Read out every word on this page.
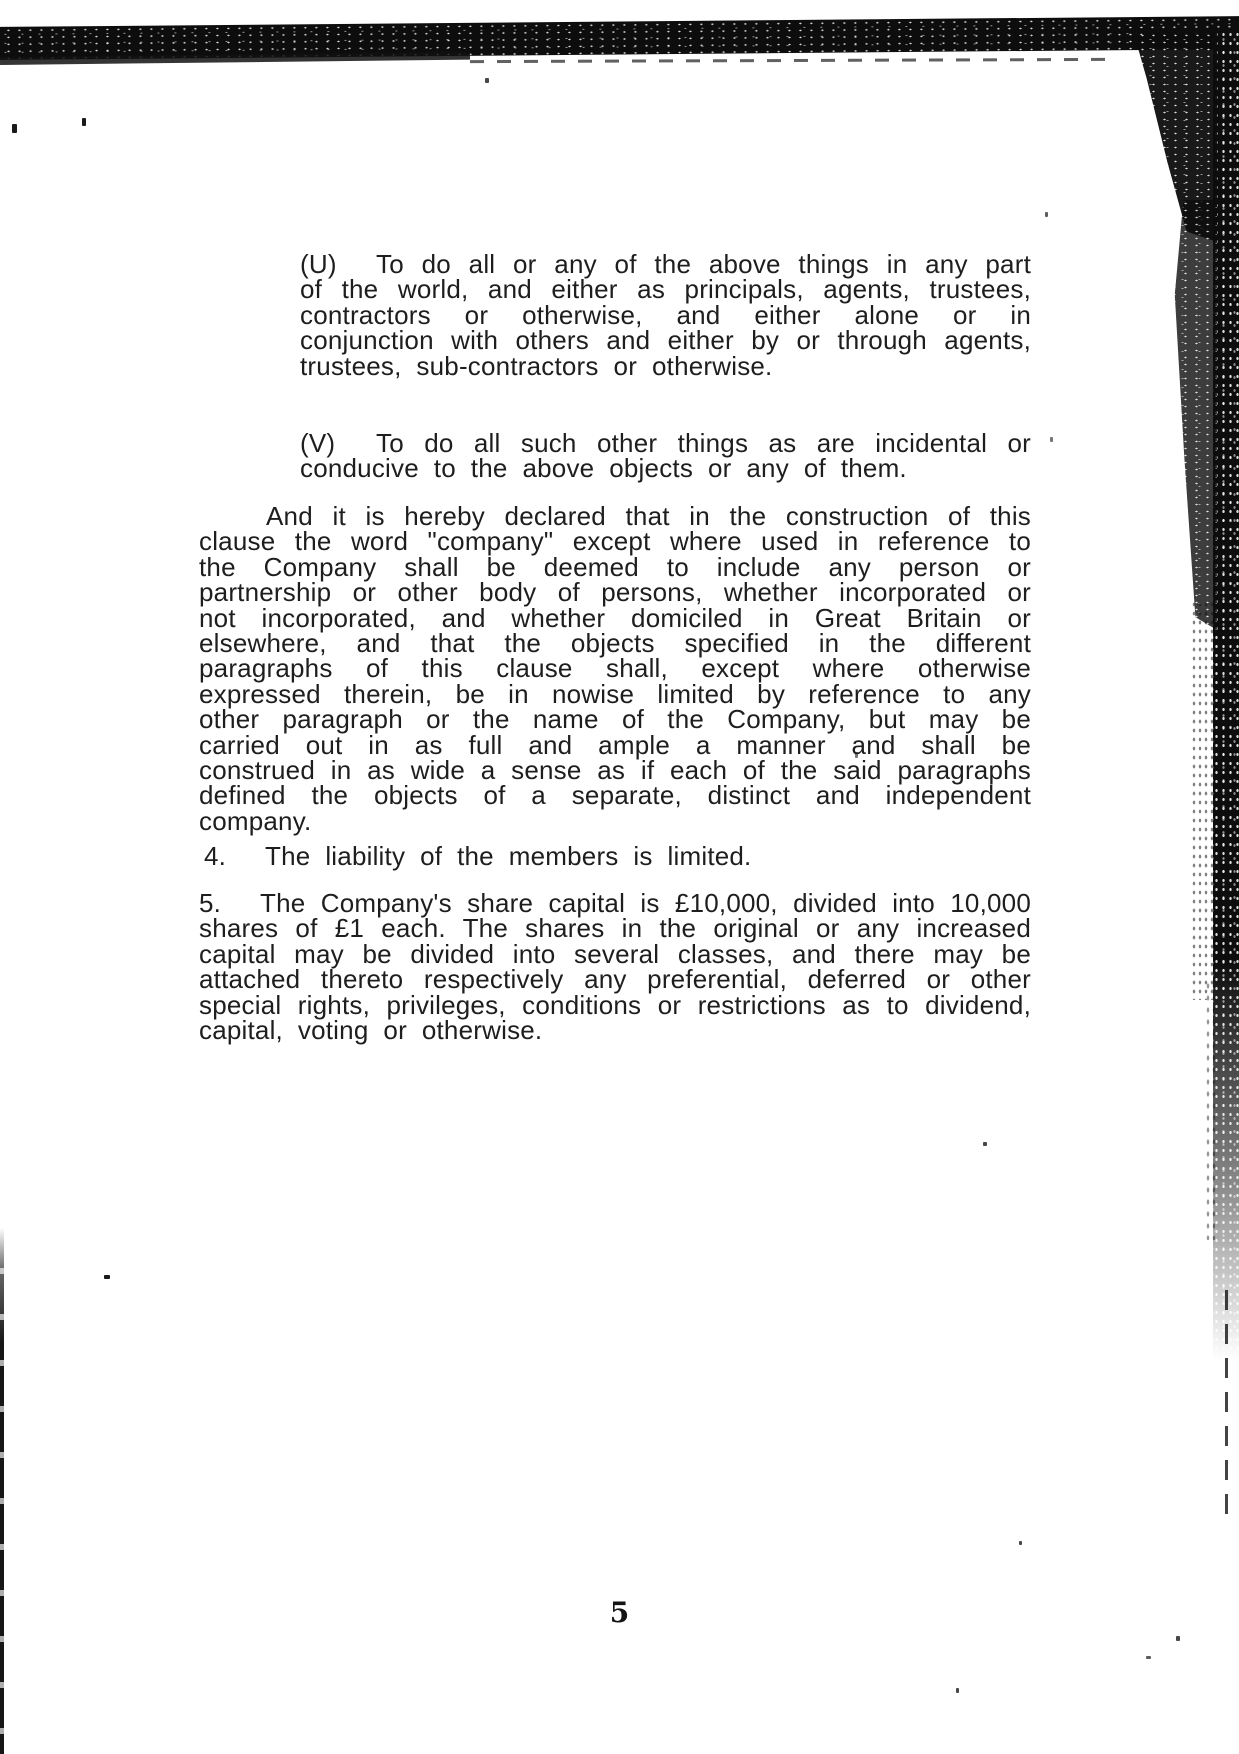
(U) To do all or any of the above things in any part of the world, and either as principals, agents, trustees, contractors or otherwise, and either alone or in conjunction with others and either by or through agents, trustees, sub-contractors or otherwise.

(V) To do all such other things as are incidental or conducive to the above objects or any of them.

And it is hereby declared that in the construction of this clause the word "company" except where used in reference to the Company shall be deemed to include any person or partnership or other body of persons, whether incorporated or not incorporated, and whether domiciled in Great Britain or elsewhere, and that the objects specified in the different paragraphs of this clause shall, except where otherwise expressed therein, be in nowise limited by reference to any other paragraph or the name of the Company, but may be carried out in as full and ample a manner and shall be construed in as wide a sense as if each of the said paragraphs defined the objects of a separate, distinct and independent company.

4. The liability of the members is limited.

5. The Company's share capital is £10,000, divided into 10,000 shares of £1 each. The shares in the original or any increased capital may be divided into several classes, and there may be attached thereto respectively any preferential, deferred or other special rights, privileges, conditions or restrictions as to dividend, capital, voting or otherwise.

5
